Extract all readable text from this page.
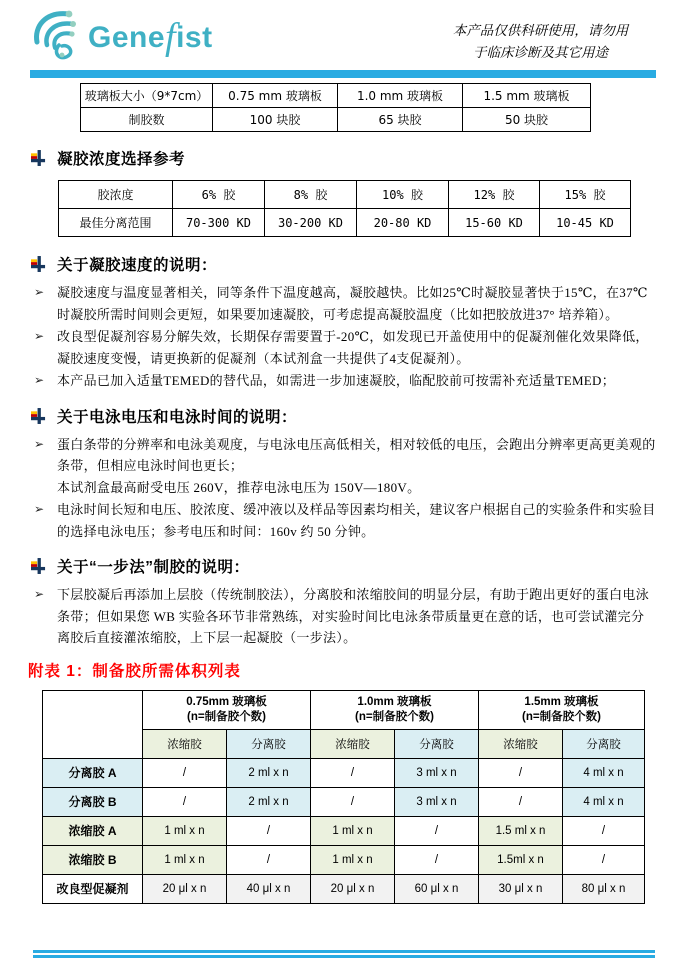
Genefist	本产品仅供科研使用，请勿用
于临床诊断及其它用途
玻璃板大小（9*7cm）	0.75 mm 玻璃板	1.0 mm 玻璃板	1.5 mm 玻璃板
制胶数	100 块胶	65 块胶	50 块胶
凝胶浓度选择参考
胶浓度	6% 胶	8% 胶	10% 胶	12% 胶	15% 胶
最佳分离范围	70-300 KD	30-200 KD	20-80 KD	15-60 KD	10-45 KD
关于凝胶速度的说明：
➢ 凝胶速度与温度显著相关，同等条件下温度越高，凝胶越快。比如25℃时凝胶显著快于15℃，在37℃时凝胶所需时间则会更短，如果要加速凝胶，可考虑提高凝胶温度（比如把胶放进37° 培养箱）。
➢ 改良型促凝剂容易分解失效，长期保存需要置于-20℃，如发现已开盖使用中的促凝剂催化效果降低，凝胶速度变慢，请更换新的促凝剂（本试剂盒一共提供了4支促凝剂）。
➢ 本产品已加入适量TEMED的替代品，如需进一步加速凝胶，临配胶前可按需补充适量TEMED；
关于电泳电压和电泳时间的说明：
➢ 蛋白条带的分辨率和电泳美观度，与电泳电压高低相关，相对较低的电压，会跑出分辨率更高更美观的条带，但相应电泳时间也更长；
本试剂盒最高耐受电压 260V，推荐电泳电压为 150V—180V。
➢ 电泳时间长短和电压、胶浓度、缓冲液以及样品等因素均相关，建议客户根据自己的实验条件和实验目的选择电泳电压；参考电压和时间：160v 约 50 分钟。
关于“一步法”制胶的说明：
➢ 下层胶凝后再添加上层胶（传统制胶法），分离胶和浓缩胶间的明显分层，有助于跑出更好的蛋白电泳条带；但如果您 WB 实验各环节非常熟练，对实验时间比电泳条带质量更在意的话，也可尝试灌完分离胶后直接灌浓缩胶，上下层一起凝胶（一步法）。
附表 1：制备胶所需体积列表

0.75mm 玻璃板
(n=制备胶个数)

1.0mm 玻璃板
(n=制备胶个数)

1.5mm 玻璃板
(n=制备胶个数)

	浓缩胶	分离胶	浓缩胶	分离胶	浓缩胶	分离胶
分离胶 A	/	2 ml x n	/	3 ml x n	/	4 ml x n
分离胶 B	/	2 ml x n	/	3 ml x n	/	4 ml x n
浓缩胶 A	1 ml x n	/	1 ml x n	/	1.5 ml x n	/
浓缩胶 B	1 ml x n	/	1 ml x n	/	1.5ml x n	/
改良型促凝剂	20 μl x n	40 μl x n	20 μl x n	60 μl x n	30 μl x n	80 μl x n
